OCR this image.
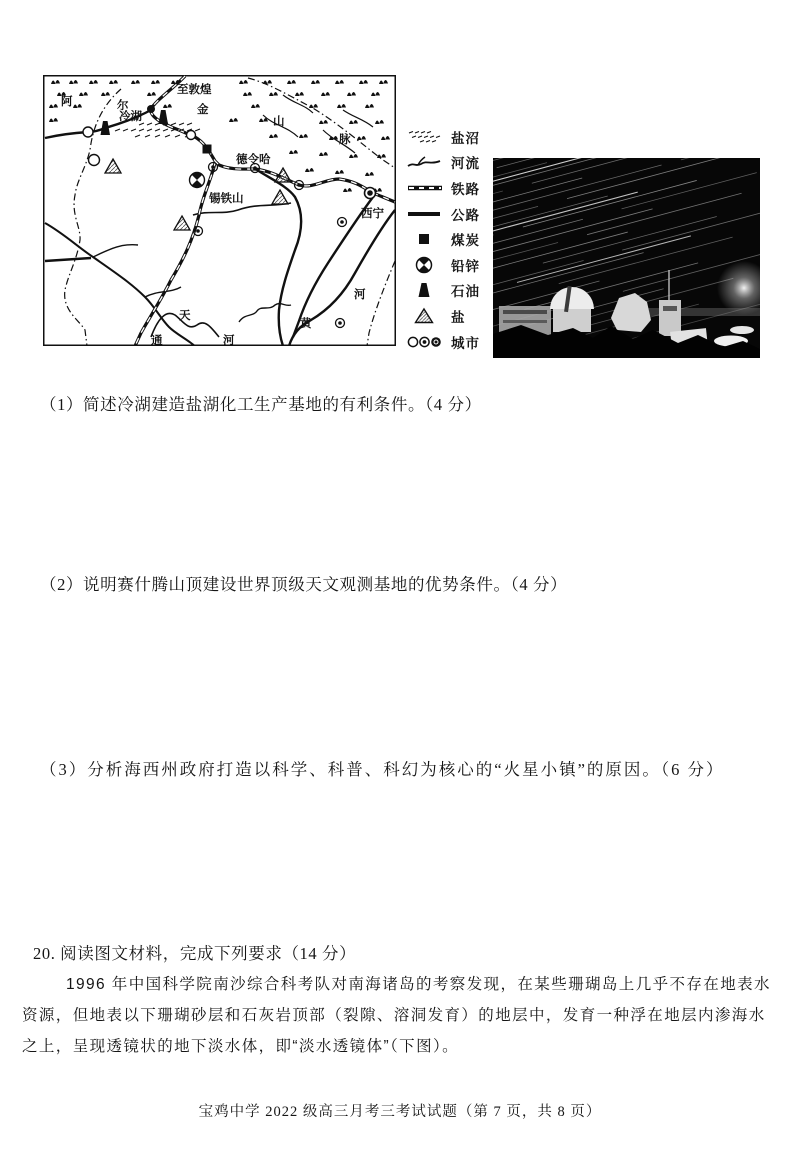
阿	尔	金
山
脉
至敦煌
冷湖
德令哈
锡铁山
西宁
黄
河
通
天
河
盐沼
河流
铁路
公路
煤炭
铅锌
石油
盐
城市

（1）简述冷湖建造盐湖化工生产基地的有利条件。（4 分）

（2）说明赛什腾山顶建设世界顶级天文观测基地的优势条件。（4 分）

（3）分析海西州政府打造以科学、科普、科幻为核心的“火星小镇”的原因。（6 分）

20. 阅读图文材料，完成下列要求（14 分）

1996 年中国科学院南沙综合科考队对南海诸岛的考察发现，在某些珊瑚岛上几乎不存在地表水资源，但地表以下珊瑚砂层和石灰岩顶部（裂隙、溶洞发育）的地层中，发育一种浮在地层内渗海水之上，呈现透镜状的地下淡水体，即“淡水透镜体”（下图）。

宝鸡中学 2022 级高三月考三考试试题（第 7 页，共 8 页）
